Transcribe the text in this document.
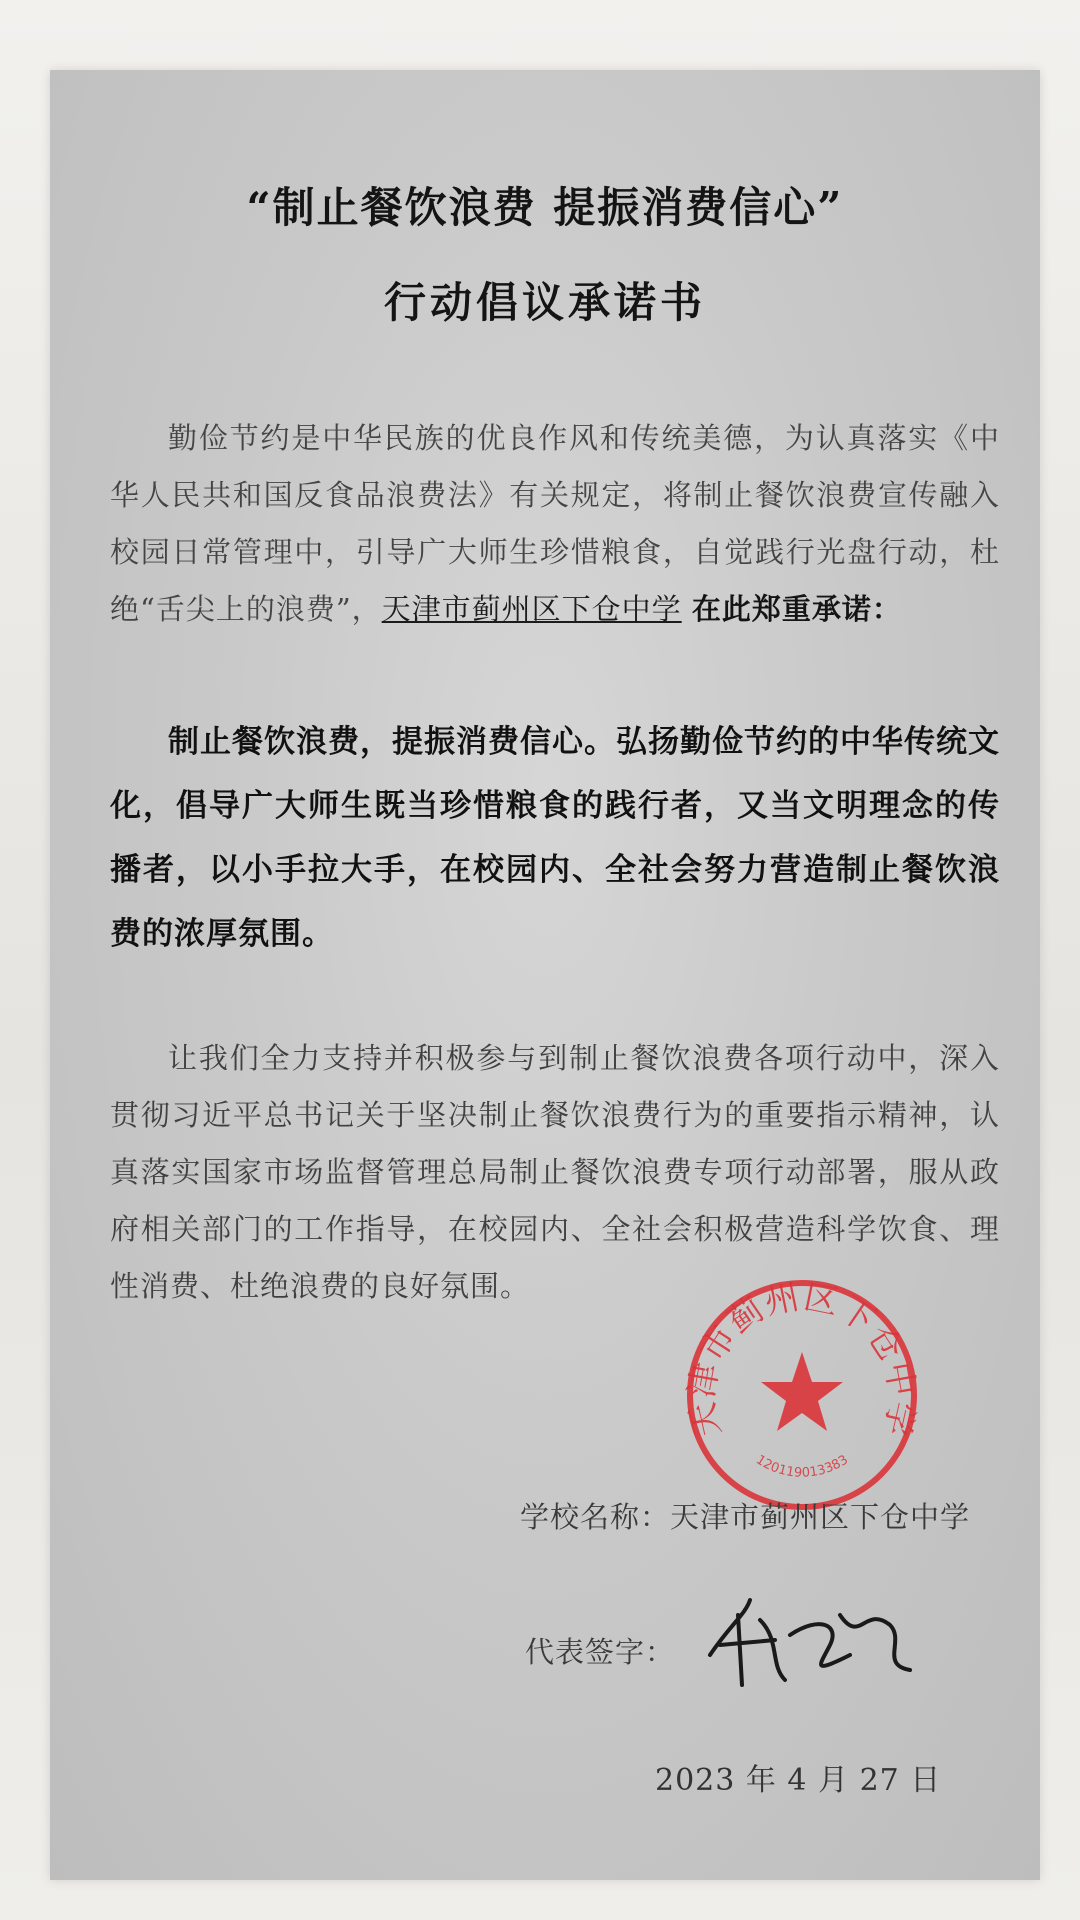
“制止餐饮浪费 提振消费信心”
行动倡议承诺书
勤俭节约是中华民族的优良作风和传统美德，为认真落实《中华人民共和国反食品浪费法》有关规定，将制止餐饮浪费宣传融入校园日常管理中，引导广大师生珍惜粮食，自觉践行光盘行动，杜绝“舌尖上的浪费”，天津市蓟州区下仓中学 在此郑重承诺：
制止餐饮浪费，提振消费信心。弘扬勤俭节约的中华传统文化，倡导广大师生既当珍惜粮食的践行者，又当文明理念的传播者，以小手拉大手，在校园内、全社会努力营造制止餐饮浪费的浓厚氛围。
让我们全力支持并积极参与到制止餐饮浪费各项行动中，深入贯彻习近平总书记关于坚决制止餐饮浪费行为的重要指示精神，认真落实国家市场监督管理总局制止餐饮浪费专项行动部署，服从政府相关部门的工作指导，在校园内、全社会积极营造科学饮食、理性消费、杜绝浪费的良好氛围。
天津市蓟州区下仓中学
120119013383
学校名称：天津市蓟州区下仓中学
代表签字：
2023 年 4 月 27 日
